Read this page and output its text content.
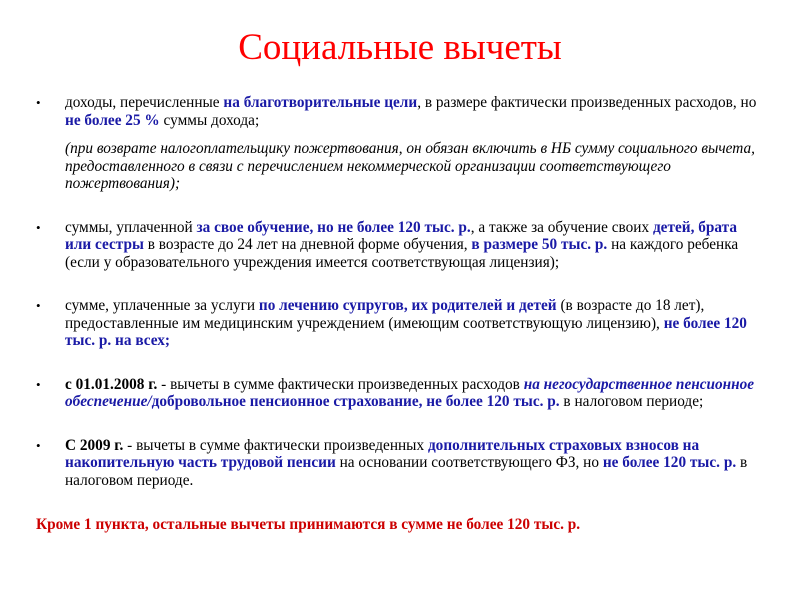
Социальные вычеты
• доходы, перечисленные на благотворительные цели, в размере фактически произведенных расходов, но не более 25 % суммы дохода;
(при возврате налогоплательщику пожертвования, он обязан включить в НБ сумму социального вычета, предоставленного в связи с перечислением некоммерческой организации соответствующего пожертвования);
• суммы, уплаченной за свое обучение, но не более 120 тыс. р., а также за обучение своих детей, брата или сестры в возрасте до 24 лет на дневной форме обучения, в размере 50 тыс. р. на каждого ребенка (если у образовательного учреждения имеется соответствующая лицензия);
• сумме, уплаченные за услуги по лечению супругов, их родителей и детей (в возрасте до 18 лет), предоставленные им медицинским учреждением (имеющим соответствующую лицензию), не более 120 тыс. р. на всех;
• с 01.01.2008 г. - вычеты в сумме фактически произведенных расходов на негосударственное пенсионное обеспечение/добровольное пенсионное страхование, не более 120 тыс. р. в налоговом периоде;
• С 2009 г. - вычеты в сумме фактически произведенных дополнительных страховых взносов на накопительную часть трудовой пенсии на основании соответствующего ФЗ, но не более 120 тыс. р. в налоговом периоде.
Кроме 1 пункта, остальные вычеты принимаются в сумме не более 120 тыс. р.
